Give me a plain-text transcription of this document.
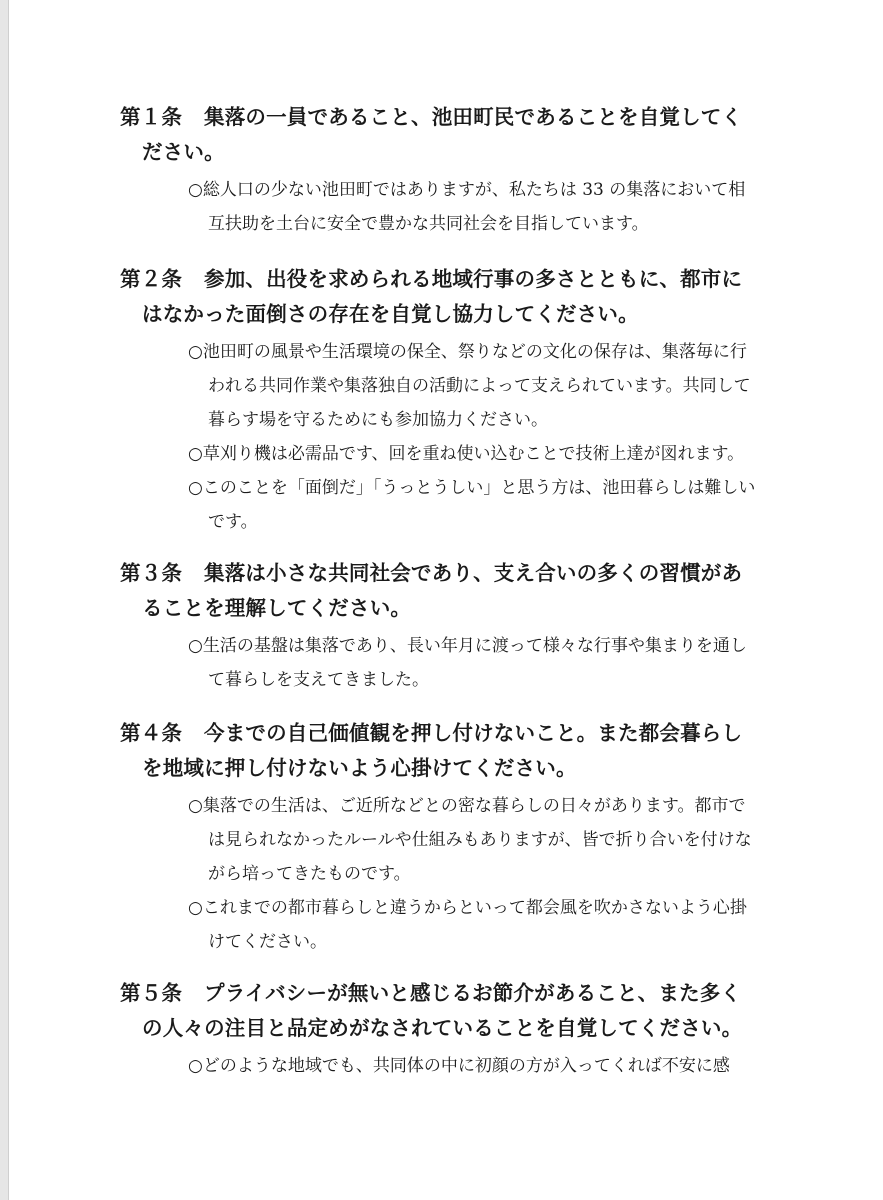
第１条 集落の一員であること、池田町民であることを自覚してください。
○総人口の少ない池田町ではありますが、私たちは 33 の集落において相互扶助を土台に安全で豊かな共同社会を目指しています。
第２条 参加、出役を求められる地域行事の多さとともに、都市にはなかった面倒さの存在を自覚し協力してください。
○池田町の風景や生活環境の保全、祭りなどの文化の保存は、集落毎に行われる共同作業や集落独自の活動によって支えられています。共同して暮らす場を守るためにも参加協力ください。
○草刈り機は必需品です、回を重ね使い込むことで技術上達が図れます。
○このことを「面倒だ」「うっとうしい」と思う方は、池田暮らしは難しいです。
第３条 集落は小さな共同社会であり、支え合いの多くの習慣があることを理解してください。
○生活の基盤は集落であり、長い年月に渡って様々な行事や集まりを通して暮らしを支えてきました。
第４条 今までの自己価値観を押し付けないこと。また都会暮らしを地域に押し付けないよう心掛けてください。
○集落での生活は、ご近所などとの密な暮らしの日々があります。都市では見られなかったルールや仕組みもありますが、皆で折り合いを付けながら培ってきたものです。
○これまでの都市暮らしと違うからといって都会風を吹かさないよう心掛けてください。
第５条 プライバシーが無いと感じるお節介があること、また多くの人々の注目と品定めがなされていることを自覚してください。
○どのような地域でも、共同体の中に初顔の方が入ってくれば不安に感
